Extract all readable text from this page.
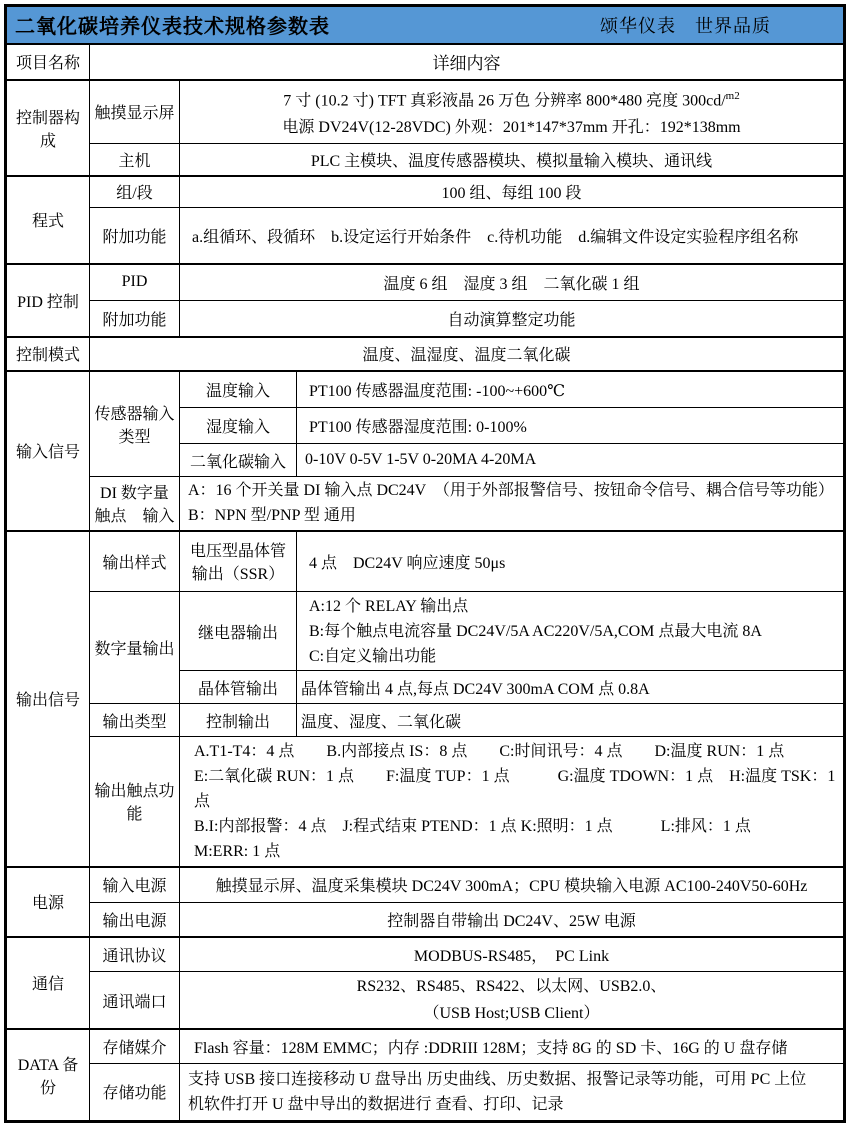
二氧化碳培养仪表技术规格参数表 颂华仪表　世界品质			

项目名称	详细内容		
控制器构成	触摸显示屏	7 寸 (10.2 寸) TFT 真彩液晶 26 万色 分辨率 800*480 亮度 300cd/$^{m2}$
电源 DV24V(12-28VDC) 外观：201*147*37mm 开孔：192*138mm	

	主机	PLC 主模块、温度传感器模块、模拟量输入模块、通讯线	
程式	组/段	100 组、每组 100 段	
	附加功能	a.组循环、段循环　b.设定运行开始条件　c.待机功能　d.编辑文件设定实验程序组名称	
PID 控制	PID	温度 6 组　湿度 3 组　二氧化碳 1 组	
	附加功能	自动演算整定功能	
控制模式	温度、温湿度、温度二氧化碳		
输入信号	传感器输入类型	温度输入	PT100 传感器温度范围: -100~+600℃
		湿度输入	PT100 传感器湿度范围: 0-100%
		二氧化碳输入	0-10V 0-5V 1-5V 0-20MA 4-20MA
	DI 数字量触点　输入	A：16 个开关量 DI 输入点 DC24V　（用于外部报警信号、按钮命令信号、耦合信号等功能）
B：NPN 型/PNP 型 通用	

输出信号	输出样式	电压型晶体管输出（SSR）	4 点　DC24V 响应速度 50μs
	数字量输出	继电器输出	A:12 个 RELAY 输出点
B:每个触点电流容量 DC24V/5A AC220V/5A,COM 点最大电流 8A
C:自定义输出功能

		晶体管输出	晶体管输出 4 点,每点 DC24V 300mA COM 点 0.8A
	输出类型	控制输出	温度、湿度、二氧化碳
	输出触点功能	A.T1-T4：4 点　　B.内部接点 IS：8 点　　C:时间讯号：4 点　　D:温度 RUN：1 点
E:二氧化碳 RUN：1 点　　F:温度 TUP：1 点　　　G:温度 TDOWN：1 点　H:温度 TSK：1
点
B.I:内部报警：4 点　J:程式结束 PTEND：1 点 K:照明：1 点　　　L:排风：1 点
M:ERR: 1 点	

电源	输入电源	触摸显示屏、温度采集模块 DC24V 300mA；CPU 模块输入电源 AC100-240V50-60Hz	
	输出电源	控制器自带输出 DC24V、25W 电源	
通信	通讯协议	MODBUS-RS485，　PC Link	
	通讯端口	RS232、RS485、RS422、以太网、USB2.0、
（USB Host;USB Client）	

DATA 备份	存储媒介	Flash 容量：128M EMMC；内存 :DDRIII 128M；支持 8G 的 SD 卡、16G 的 U 盘存储	
	存储功能	支持 USB 接口连接移动 U 盘导出 历史曲线、历史数据、报警记录等功能，可用 PC 上位
机软件打开 U 盘中导出的数据进行 查看、打印、记录	
